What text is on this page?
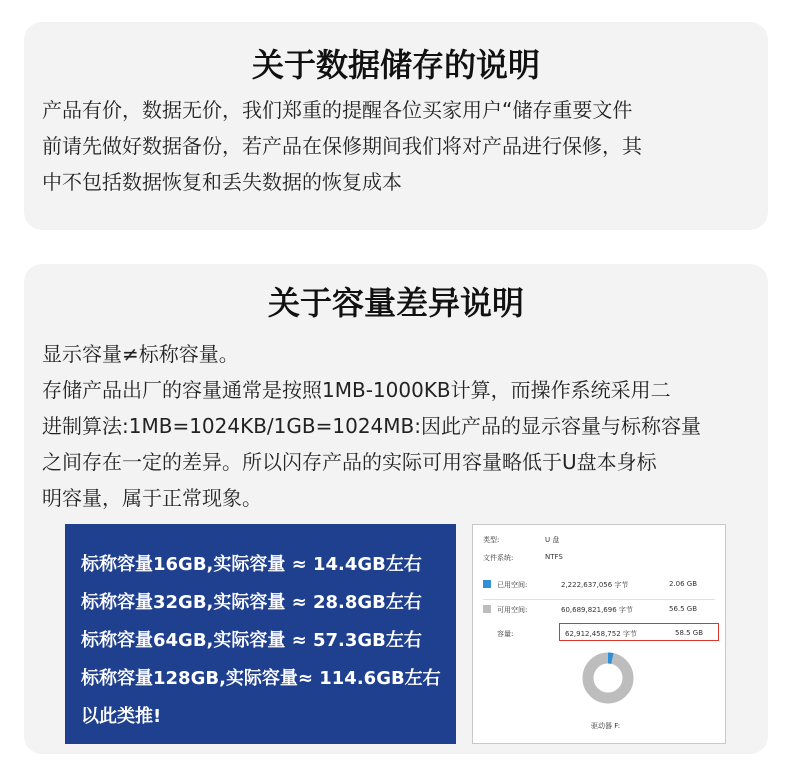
关于数据储存的说明
产品有价，数据无价，我们郑重的提醒各位买家用户“储存重要文件
前请先做好数据备份，若产品在保修期间我们将对产品进行保修，其
中不包括数据恢复和丢失数据的恢复成本
关于容量差异说明
显示容量≠标称容量。
存储产品出厂的容量通常是按照1MB-1000KB计算，而操作系统采用二
进制算法:1MB=1024KB/1GB=1024MB:因此产品的显示容量与标称容量
之间存在一定的差异。所以闪存产品的实际可用容量略低于U盘本身标
明容量，属于正常现象。
标称容量16GB,实际容量 ≈ 14.4GB左右
标称容量32GB,实际容量 ≈ 28.8GB左右
标称容量64GB,实际容量 ≈ 57.3GB左右
标称容量128GB,实际容量≈ 114.6GB左右
以此类推!
类型:	U 盘
文件系统:	NTFS
已用空间:	2,222,637,056 字节	2.06 GB
可用空间:	60,689,821,696 字节	56.5 GB
容量:	62,912,458,752 字节	58.5 GB
驱动器 F:
